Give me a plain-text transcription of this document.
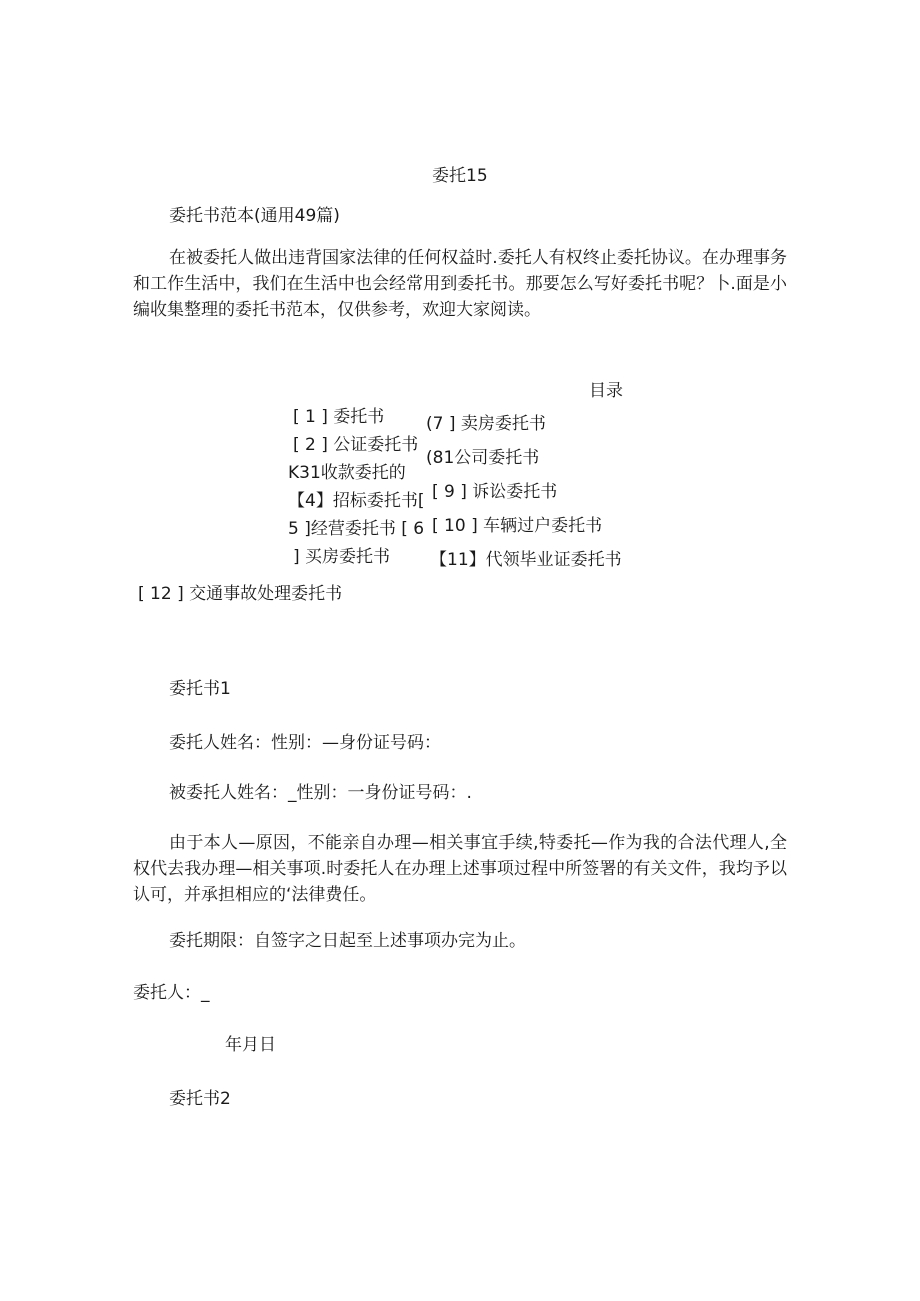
委托15
委托书范本(通用49篇)
在被委托人做出违背国家法律的任何权益时.委托人有权终止委托协议。在办理事务和工作生活中，我们在生活中也会经常用到委托书。那要怎么写好委托书呢？卜.面是小编收集整理的委托书范本，仅供参考，欢迎大家阅读。
目录
[ 1 ] 委托书
[ 2 ] 公证委托书
K31收款委托的
【4】招标委托书[
5 ]经营委托书 [ 6
] 买房委托书
(7 ] 卖房委托书
(81公司委托书
[ 9 ] 诉讼委托书
[ 10 ] 车辆过户委托书
【11】代领毕业证委托书
[ 12 ] 交通事故处理委托书
委托书1
委托人姓名：性别：—身份证号码：
被委托人姓名：_性别：一身份证号码：.
由于本人—原因，不能亲自办理—相关事宜手续,特委托—作为我的合法代理人,全权代去我办理—相关事项.时委托人在办理上述事项过程中所签署的有关文件，我均予以认可，并承担相应的‘法律费任。
委托期限：自签字之日起至上述事项办完为止。
委托人：_
年月日
委托书2
